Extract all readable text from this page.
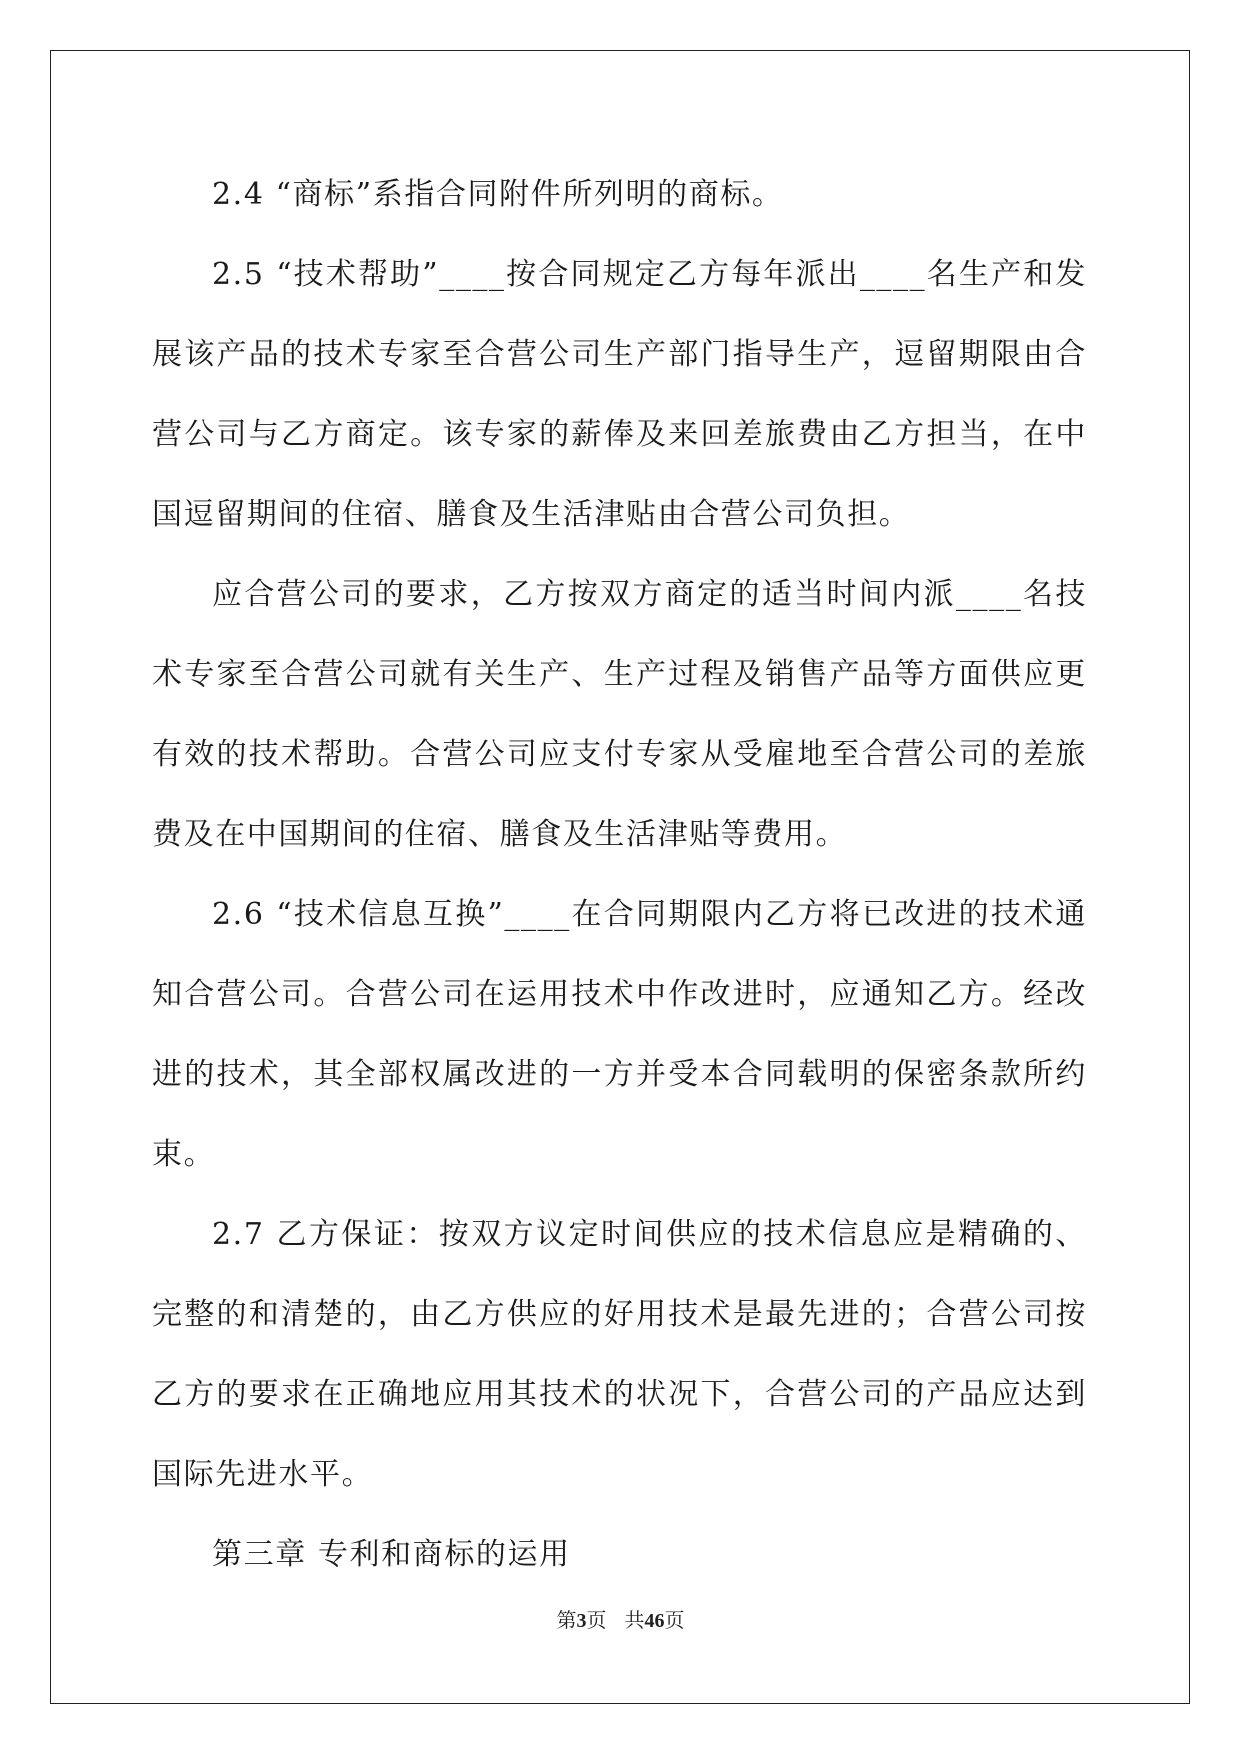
2.4 “商标”系指合同附件所列明的商标。

2.5 “技术帮助”____按合同规定乙方每年派出____名生产和发展该产品的技术专家至合营公司生产部门指导生产，逗留期限由合营公司与乙方商定。该专家的薪俸及来回差旅费由乙方担当，在中国逗留期间的住宿、膳食及生活津贴由合营公司负担。

应合营公司的要求，乙方按双方商定的适当时间内派____名技术专家至合营公司就有关生产、生产过程及销售产品等方面供应更有效的技术帮助。合营公司应支付专家从受雇地至合营公司的差旅费及在中国期间的住宿、膳食及生活津贴等费用。

2.6 “技术信息互换”____在合同期限内乙方将已改进的技术通知合营公司。合营公司在运用技术中作改进时，应通知乙方。经改进的技术，其全部权属改进的一方并受本合同载明的保密条款所约束。

2.7 乙方保证：按双方议定时间供应的技术信息应是精确的、完整的和清楚的，由乙方供应的好用技术是最先进的；合营公司按乙方的要求在正确地应用其技术的状况下，合营公司的产品应达到国际先进水平。

第三章 专利和商标的运用

第3页 共46页
